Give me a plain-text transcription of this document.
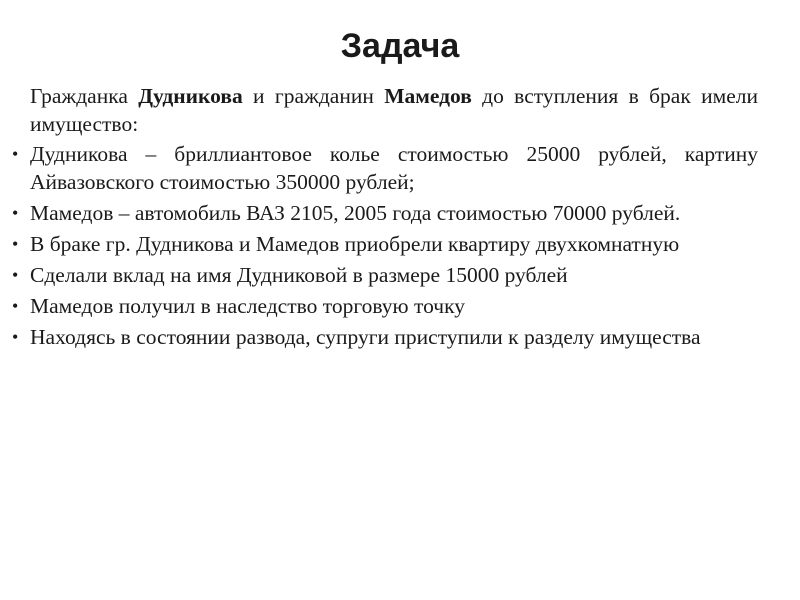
Задача

Гражданка Дудникова и гражданин Мамедов до вступления в брак имели имущество:

• Дудникова – бриллиантовое колье стоимостью 25000 рублей, картину Айвазовского стоимостью 350000 рублей;
• Мамедов – автомобиль ВАЗ 2105, 2005 года стоимостью 70000 рублей.
• В браке гр. Дудникова и Мамедов приобрели квартиру двухкомнатную
• Сделали вклад на имя Дудниковой в размере 15000 рублей
• Мамедов получил в наследство торговую точку
• Находясь в состоянии развода, супруги приступили к разделу имущества
